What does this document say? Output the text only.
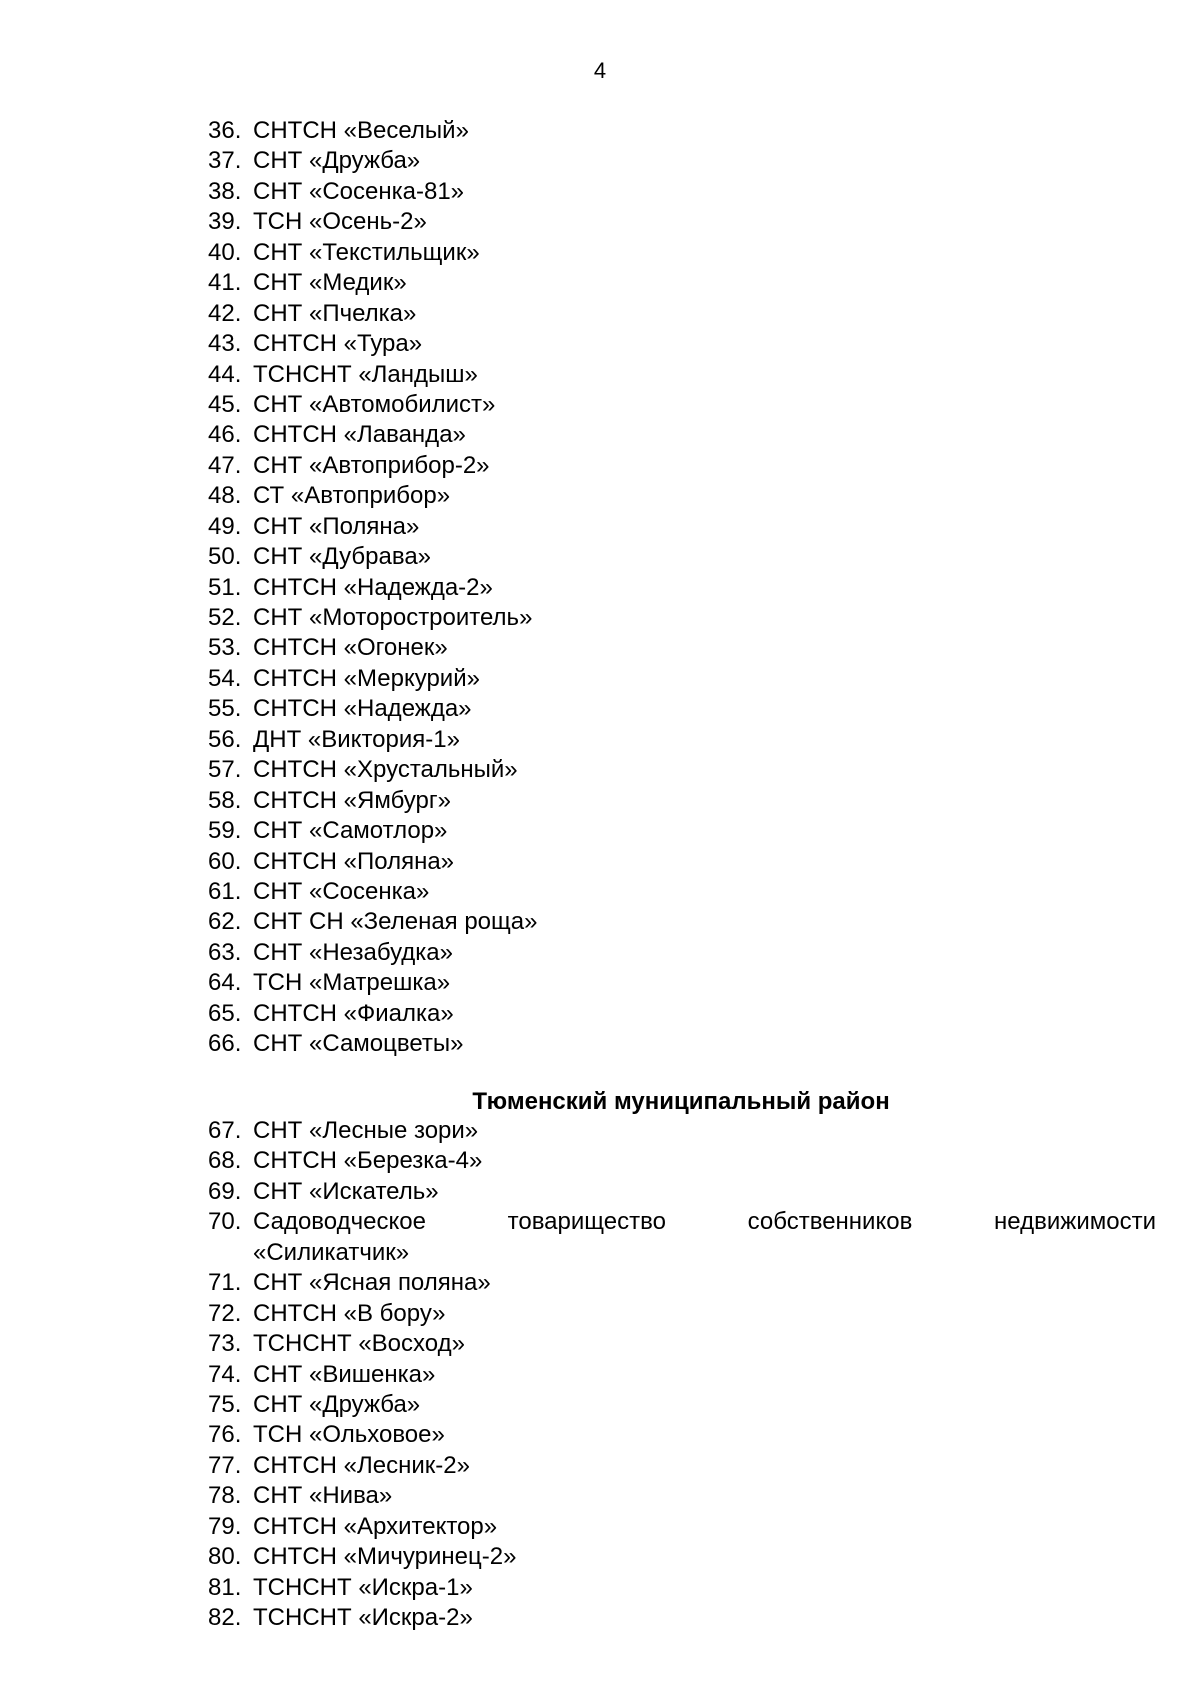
4
36. СНТСН «Веселый»
37. СНТ «Дружба»
38. СНТ «Сосенка-81»
39. ТСН «Осень-2»
40. СНТ «Текстильщик»
41. СНТ «Медик»
42. СНТ «Пчелка»
43. СНТСН «Тура»
44. ТСНСНТ «Ландыш»
45. СНТ «Автомобилист»
46. СНТСН «Лаванда»
47. СНТ «Автоприбор-2»
48. СТ «Автоприбор»
49. СНТ «Поляна»
50. СНТ «Дубрава»
51. СНТСН «Надежда-2»
52. СНТ «Моторостроитель»
53. СНТСН «Огонек»
54. СНТСН «Меркурий»
55. СНТСН «Надежда»
56. ДНТ «Виктория-1»
57. СНТСН «Хрустальный»
58. СНТСН «Ямбург»
59. СНТ «Самотлор»
60. СНТСН «Поляна»
61. СНТ «Сосенка»
62. СНТ СН «Зеленая роща»
63. СНТ «Незабудка»
64. ТСН «Матрешка»
65. СНТСН «Фиалка»
66. СНТ «Самоцветы»
Тюменский муниципальный район
67. СНТ «Лесные зори»
68. СНТСН «Березка-4»
69. СНТ «Искатель»
70. Садоводческое	товарищество	собственников	недвижимости
«Силикатчик»
71. СНТ «Ясная поляна»
72. СНТСН «В бору»
73. ТСНСНТ «Восход»
74. СНТ «Вишенка»
75. СНТ «Дружба»
76. ТСН «Ольховое»
77. СНТСН «Лесник-2»
78. СНТ «Нива»
79. СНТСН «Архитектор»
80. СНТСН «Мичуринец-2»
81. ТСНСНТ «Искра-1»
82. ТСНСНТ «Искра-2»
